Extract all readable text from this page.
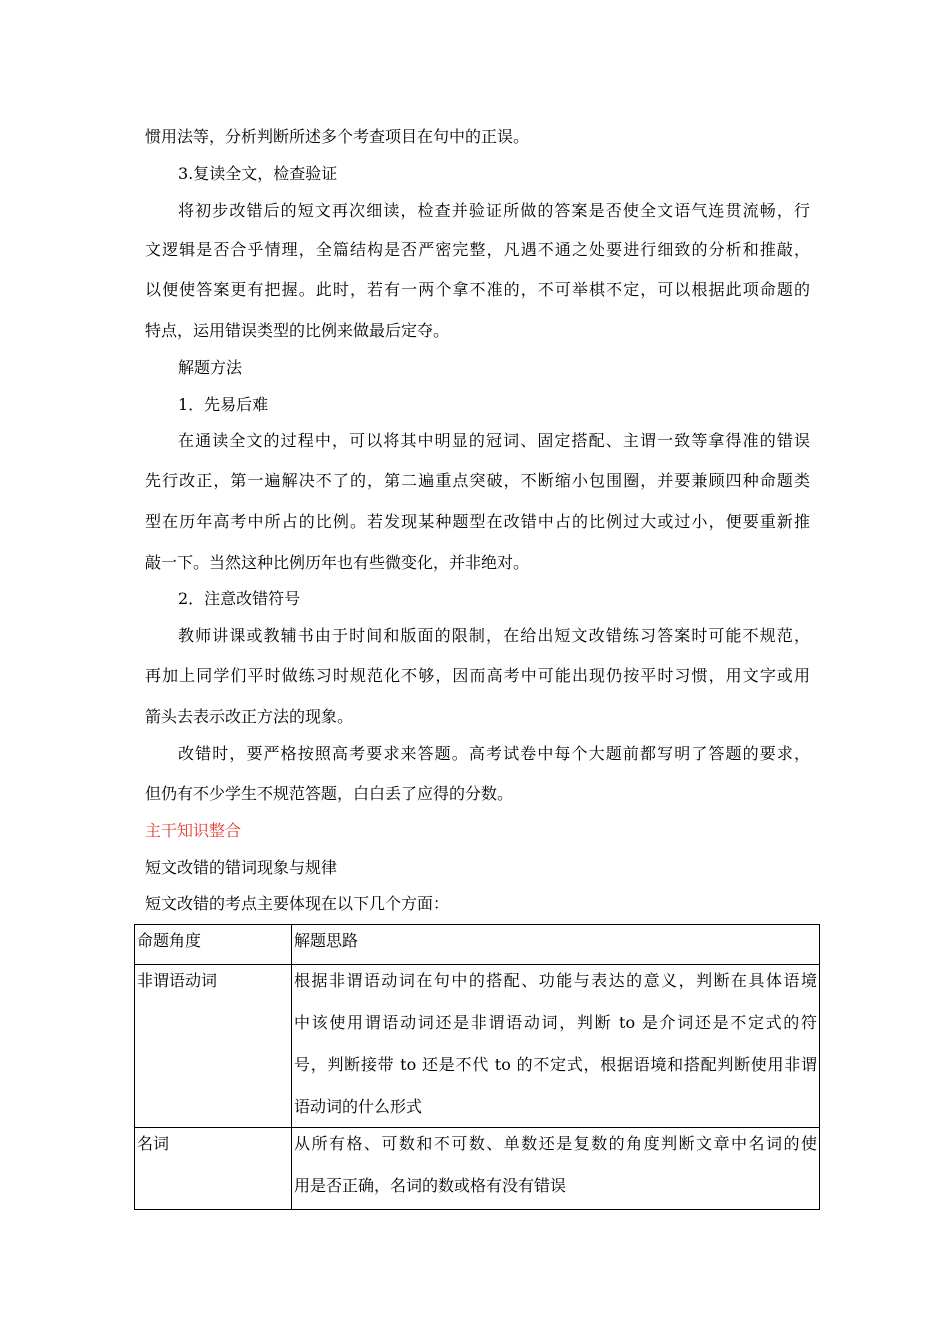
惯用法等，分析判断所述多个考查项目在句中的正误。
3.复读全文，检查验证
将初步改错后的短文再次细读，检查并验证所做的答案是否使全文语气连贯流畅，行
文逻辑是否合乎情理，全篇结构是否严密完整，凡遇不通之处要进行细致的分析和推敲，
以便使答案更有把握。此时，若有一两个拿不准的，不可举棋不定，可以根据此项命题的
特点，运用错误类型的比例来做最后定夺。
解题方法
1．先易后难
在通读全文的过程中，可以将其中明显的冠词、固定搭配、主谓一致等拿得准的错误
先行改正，第一遍解决不了的，第二遍重点突破，不断缩小包围圈，并要兼顾四种命题类
型在历年高考中所占的比例。若发现某种题型在改错中占的比例过大或过小，便要重新推
敲一下。当然这种比例历年也有些微变化，并非绝对。
2．注意改错符号
教师讲课或教辅书由于时间和版面的限制，在给出短文改错练习答案时可能不规范，
再加上同学们平时做练习时规范化不够，因而高考中可能出现仍按平时习惯，用文字或用
箭头去表示改正方法的现象。
改错时，要严格按照高考要求来答题。高考试卷中每个大题前都写明了答题的要求，
但仍有不少学生不规范答题，白白丢了应得的分数。
主干知识整合
短文改错的错词现象与规律
短文改错的考点主要体现在以下几个方面：

命题角度	解题思路

非谓语动词	根据非谓语动词在句中的搭配、功能与表达的意义，判断在具体语境

中该使用谓语动词还是非谓语动词，判断 to 是介词还是不定式的符

号，判断接带 to 还是不代 to 的不定式，根据语境和搭配判断使用非谓

语动词的什么形式

名词	从所有格、可数和不可数、单数还是复数的角度判断文章中名词的使

用是否正确，名词的数或格有没有错误
